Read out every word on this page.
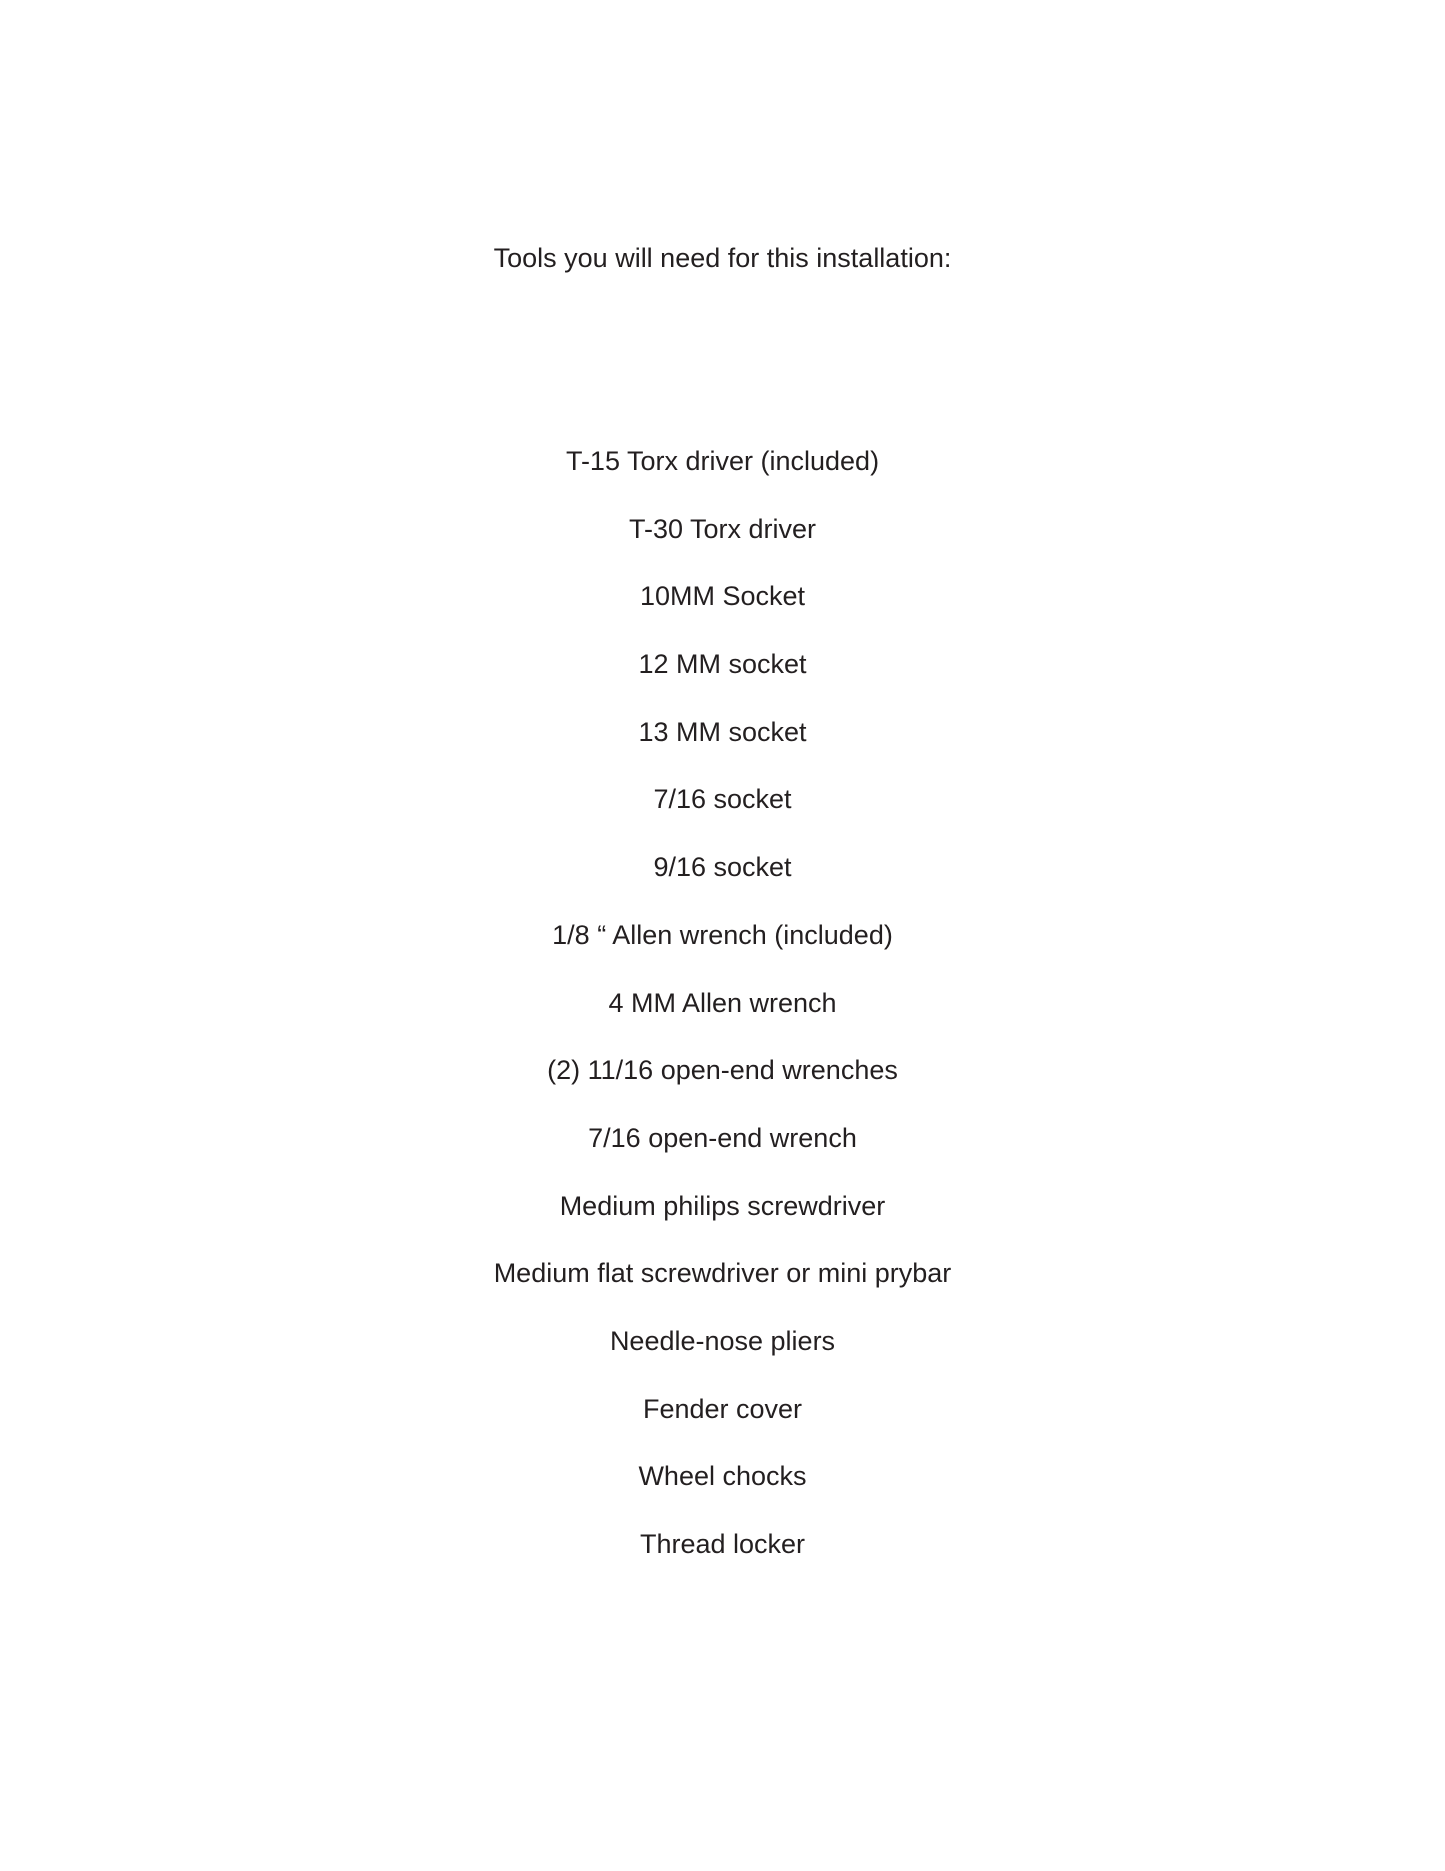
Tools you will need for this installation:
T-15 Torx driver (included)
T-30 Torx driver
10MM Socket
12 MM socket
13 MM socket
7/16 socket
9/16 socket
1/8 “ Allen wrench (included)
4 MM Allen wrench
(2) 11/16 open-end wrenches
7/16 open-end wrench
Medium philips screwdriver
Medium flat screwdriver or mini prybar
Needle-nose pliers
Fender cover
Wheel chocks
Thread locker
